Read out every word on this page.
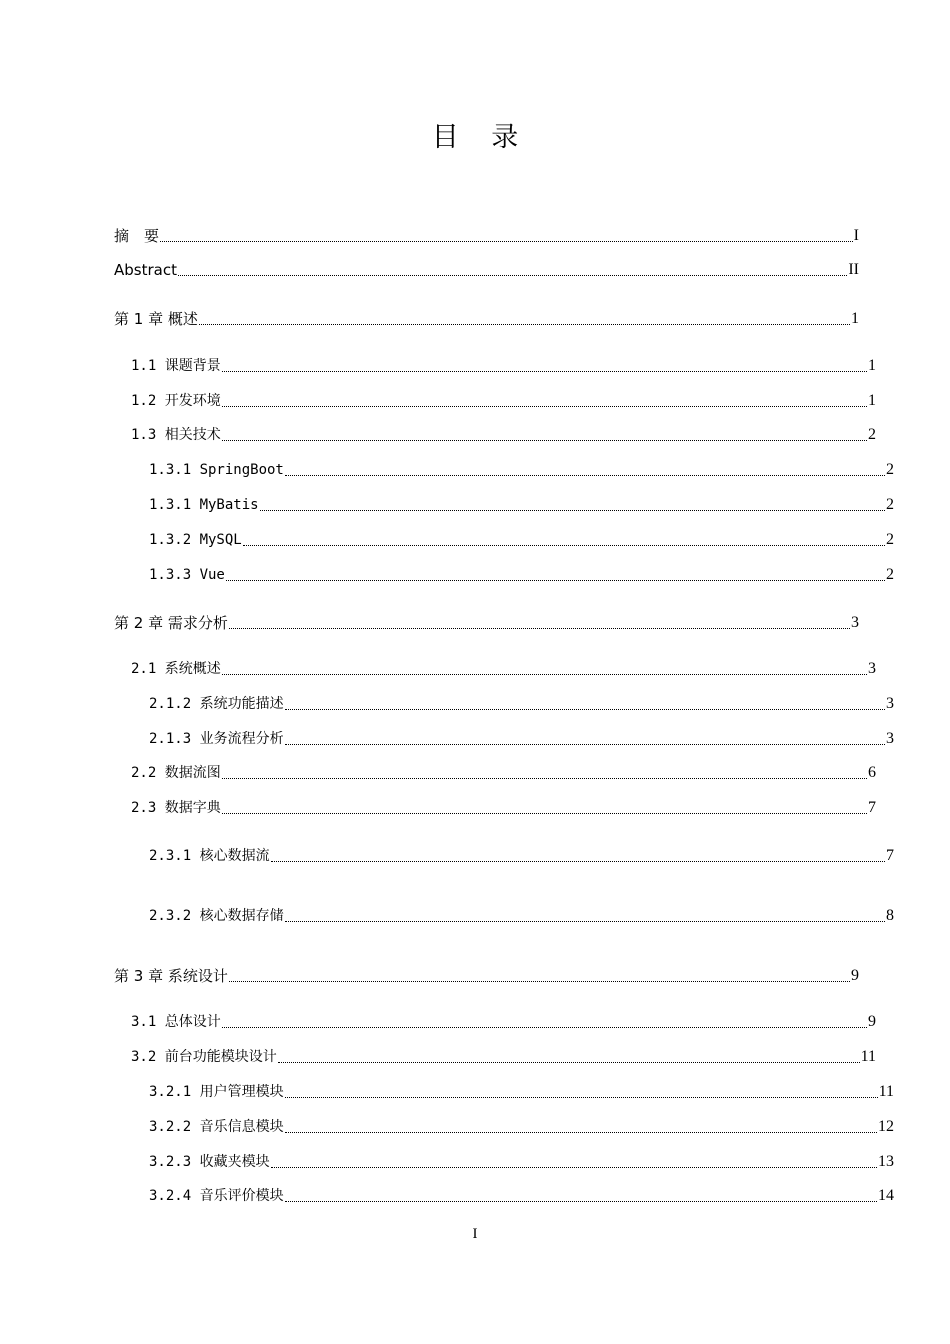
目 录
摘　要	I
Abstract	II
第 1 章 概述	1
1.1 课题背景	1
1.2 开发环境	1
1.3 相关技术	2
1.3.1 SpringBoot	2
1.3.1 MyBatis	2
1.3.2 MySQL	2
1.3.3 Vue	2
第 2 章 需求分析	3
2.1 系统概述	3
2.1.2 系统功能描述	3
2.1.3 业务流程分析	3
2.2 数据流图	6
2.3 数据字典	7
2.3.1 核心数据流	7
2.3.2 核心数据存储	8
第 3 章 系统设计	9
3.1 总体设计	9
3.2 前台功能模块设计	11
3.2.1 用户管理模块	11
3.2.2 音乐信息模块	12
3.2.3 收藏夹模块	13
3.2.4 音乐评价模块	14
I
